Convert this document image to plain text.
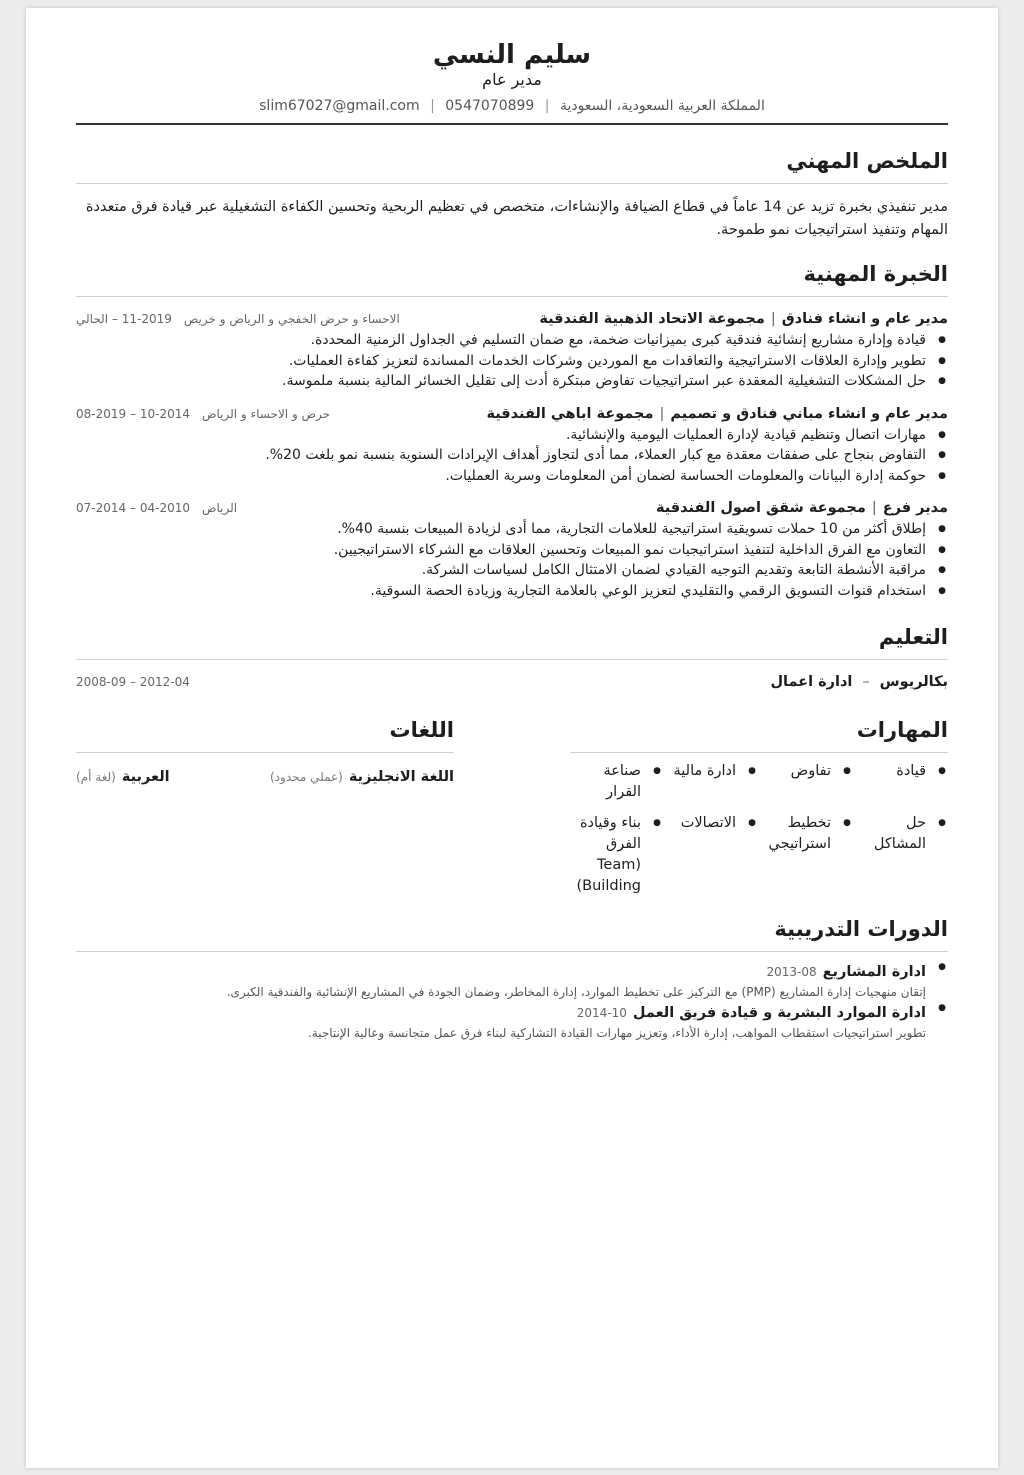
سليم النسي
مدير عام
المملكة العربية السعودية، السعودية | 0547070899 | slim67027@gmail.com
الملخص المهني
مدير تنفيذي بخبرة تزيد عن 14 عاماً في قطاع الضيافة والإنشاءات، متخصص في تعظيم الربحية وتحسين الكفاءة التشغيلية عبر قيادة فرق متعددة المهام وتنفيذ استراتيجيات نمو طموحة.
الخبرة المهنية
مدير عام و انشاء فنادق|مجموعة الاتحاد الذهبية الفندقية
الاحساء و حرض الخفجي و الرياض و خريص2019-11 – الحالي
● قيادة وإدارة مشاريع إنشائية فندقية كبرى بميزانيات ضخمة، مع ضمان التسليم في الجداول الزمنية المحددة.
● تطوير وإدارة العلاقات الاستراتيجية والتعاقدات مع الموردين وشركات الخدمات المساندة لتعزيز كفاءة العمليات.
● حل المشكلات التشغيلية المعقدة عبر استراتيجيات تفاوض مبتكرة أدت إلى تقليل الخسائر المالية بنسبة ملموسة.
مدير عام و انشاء مباني فنادق و تصميم|مجموعة اباهي الفندقية
حرض و الاحساء و الرياض2014-10 – 2019-08
● مهارات اتصال وتنظيم قيادية لإدارة العمليات اليومية والإنشائية.
● التفاوض بنجاح على صفقات معقدة مع كبار العملاء، مما أدى لتجاوز أهداف الإيرادات السنوية بنسبة نمو بلغت 20%.
● حوكمة إدارة البيانات والمعلومات الحساسة لضمان أمن المعلومات وسرية العمليات.
مدير فرع|مجموعة شقق اصول الفندقية
الرياض2010-04 – 2014-07
● إطلاق أكثر من 10 حملات تسويقية استراتيجية للعلامات التجارية، مما أدى لزيادة المبيعات بنسبة 40%.
● التعاون مع الفرق الداخلية لتنفيذ استراتيجيات نمو المبيعات وتحسين العلاقات مع الشركاء الاستراتيجيين.
● مراقبة الأنشطة التابعة وتقديم التوجيه القيادي لضمان الامتثال الكامل لسياسات الشركة.
● استخدام قنوات التسويق الرقمي والتقليدي لتعزيز الوعي بالعلامة التجارية وزيادة الحصة السوقية.
التعليم
بكالريوس–ادارة اعمال
2008-09 – 2012-04
المهارات
● قيادة
● تفاوض
● ادارة مالية
● صناعة القرار
● حل المشاكل
● تخطيط استراتيجي
● الاتصالات
● بناء وقيادة الفرق (Team Building)
اللغات
اللغة الانجليزية(عملي محدود)
العربية(لغة أم)
الدورات التدريبية
● ادارة المشاريع2013-08
إتقان منهجيات إدارة المشاريع (PMP) مع التركيز على تخطيط الموارد، إدارة المخاطر، وضمان الجودة في المشاريع الإنشائية والفندقية الكبرى.
● ادارة الموارد البشرية و قيادة فريق العمل2014-10
تطوير استراتيجيات استقطاب المواهب، إدارة الأداء، وتعزيز مهارات القيادة التشاركية لبناء فرق عمل متجانسة وعالية الإنتاجية.
